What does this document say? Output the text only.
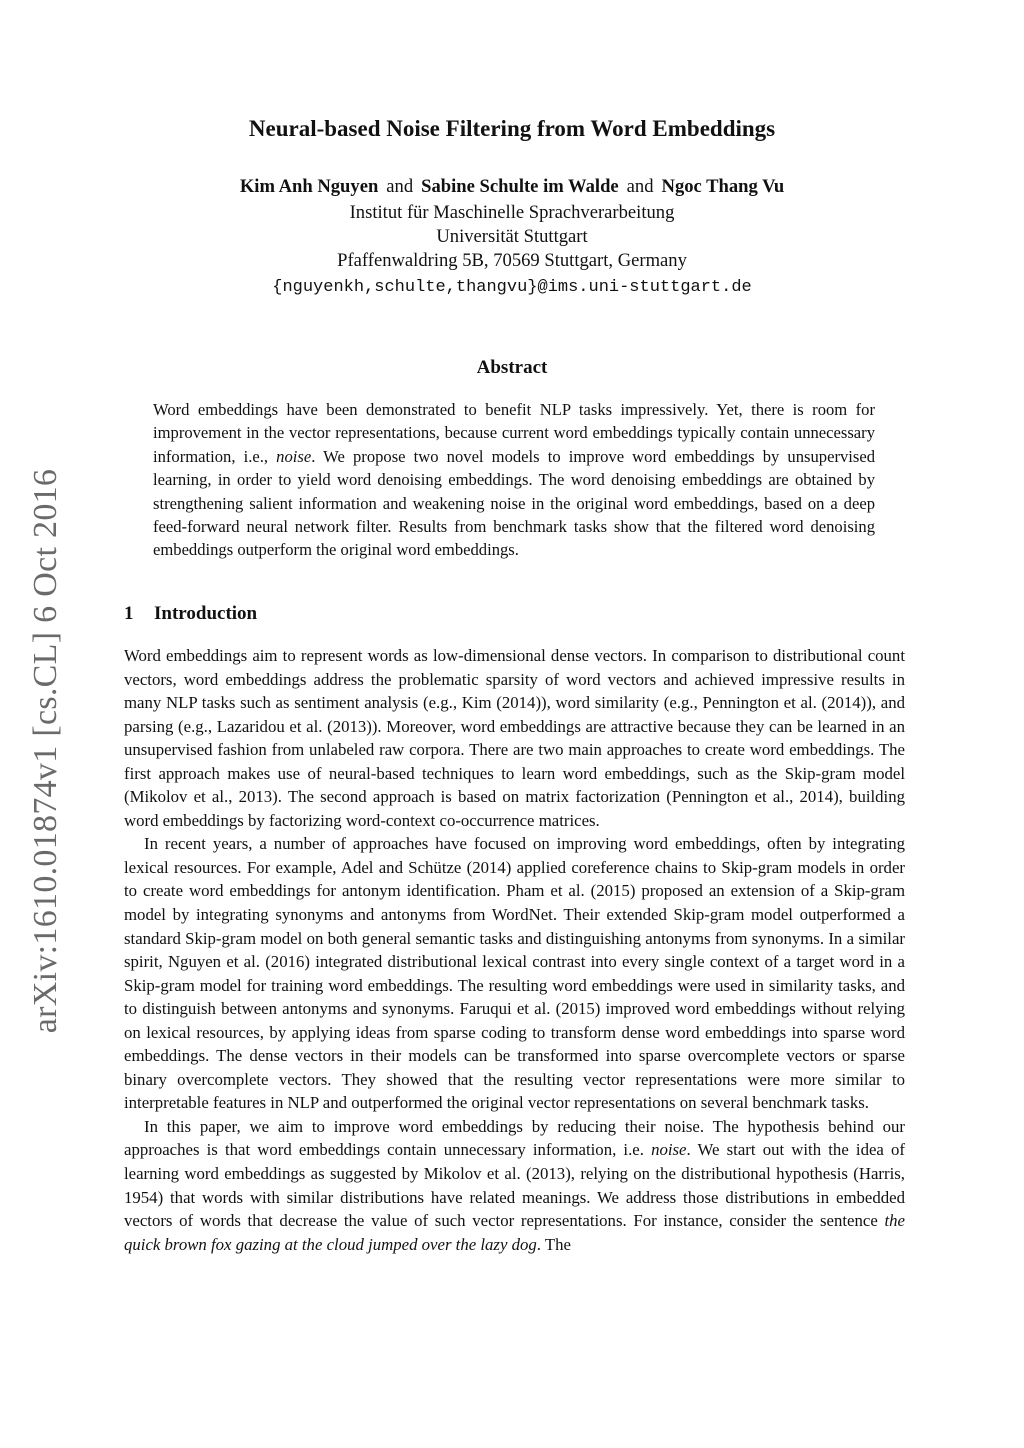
arXiv:1610.01874v1 [cs.CL] 6 Oct 2016
Neural-based Noise Filtering from Word Embeddings
Kim Anh Nguyen and Sabine Schulte im Walde and Ngoc Thang Vu
Institut für Maschinelle Sprachverarbeitung
Universität Stuttgart
Pfaffenwaldring 5B, 70569 Stuttgart, Germany
{nguyenkh,schulte,thangvu}@ims.uni-stuttgart.de
Abstract
Word embeddings have been demonstrated to benefit NLP tasks impressively. Yet, there is room for improvement in the vector representations, because current word embeddings typically contain unnecessary information, i.e., noise. We propose two novel models to improve word embeddings by unsupervised learning, in order to yield word denoising embeddings. The word denoising embeddings are obtained by strengthening salient information and weakening noise in the original word embeddings, based on a deep feed-forward neural network filter. Results from benchmark tasks show that the filtered word denoising embeddings outperform the original word embeddings.
1 Introduction

Word embeddings aim to represent words as low-dimensional dense vectors. In comparison to distributional count vectors, word embeddings address the problematic sparsity of word vectors and achieved impressive results in many NLP tasks such as sentiment analysis (e.g., Kim (2014)), word similarity (e.g., Pennington et al. (2014)), and parsing (e.g., Lazaridou et al. (2013)). Moreover, word embeddings are attractive because they can be learned in an unsupervised fashion from unlabeled raw corpora. There are two main approaches to create word embeddings. The first approach makes use of neural-based techniques to learn word embeddings, such as the Skip-gram model (Mikolov et al., 2013). The second approach is based on matrix factorization (Pennington et al., 2014), building word embeddings by factorizing word-context co-occurrence matrices.

In recent years, a number of approaches have focused on improving word embeddings, often by integrating lexical resources. For example, Adel and Schütze (2014) applied coreference chains to Skip-gram models in order to create word embeddings for antonym identification. Pham et al. (2015) proposed an extension of a Skip-gram model by integrating synonyms and antonyms from WordNet. Their extended Skip-gram model outperformed a standard Skip-gram model on both general semantic tasks and distinguishing antonyms from synonyms. In a similar spirit, Nguyen et al. (2016) integrated distributional lexical contrast into every single context of a target word in a Skip-gram model for training word embeddings. The resulting word embeddings were used in similarity tasks, and to distinguish between antonyms and synonyms. Faruqui et al. (2015) improved word embeddings without relying on lexical resources, by applying ideas from sparse coding to transform dense word embeddings into sparse word embeddings. The dense vectors in their models can be transformed into sparse overcomplete vectors or sparse binary overcomplete vectors. They showed that the resulting vector representations were more similar to interpretable features in NLP and outperformed the original vector representations on several benchmark tasks.

In this paper, we aim to improve word embeddings by reducing their noise. The hypothesis behind our approaches is that word embeddings contain unnecessary information, i.e. noise. We start out with the idea of learning word embeddings as suggested by Mikolov et al. (2013), relying on the distributional hypothesis (Harris, 1954) that words with similar distributions have related meanings. We address those distributions in embedded vectors of words that decrease the value of such vector representations. For instance, consider the sentence the quick brown fox gazing at the cloud jumped over the lazy dog. The
